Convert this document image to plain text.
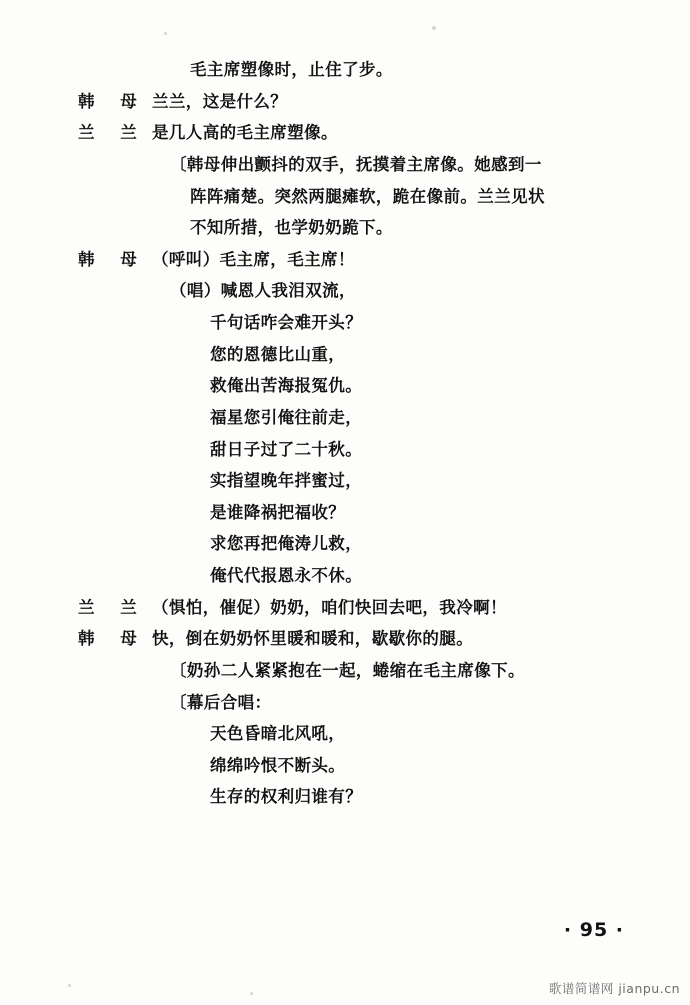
毛主席塑像时，止住了步。
韩 母 兰兰，这是什么？
兰 兰 是几人高的毛主席塑像。
〔韩母伸出颤抖的双手，抚摸着主席像。她感到一
阵阵痛楚。突然两腿瘫软，跪在像前。兰兰见状
不知所措，也学奶奶跪下。
韩 母 （呼叫）毛主席，毛主席！
（唱）喊恩人我泪双流，
千句话咋会难开头？
您的恩德比山重，
救俺出苦海报冤仇。
福星您引俺往前走，
甜日子过了二十秋。
实指望晚年拌蜜过，
是谁降祸把福收？
求您再把俺涛儿救，
俺代代报恩永不休。
兰 兰 （惧怕，催促）奶奶，咱们快回去吧，我冷啊！
韩 母 快，倒在奶奶怀里暖和暖和，歇歇你的腿。
〔奶孙二人紧紧抱在一起，蜷缩在毛主席像下。
〔幕后合唱：
天色昏暗北风吼，
绵绵吟恨不断头。
生存的权利归谁有？
· 95 ·
歌谱简谱网 jianpu.cn
